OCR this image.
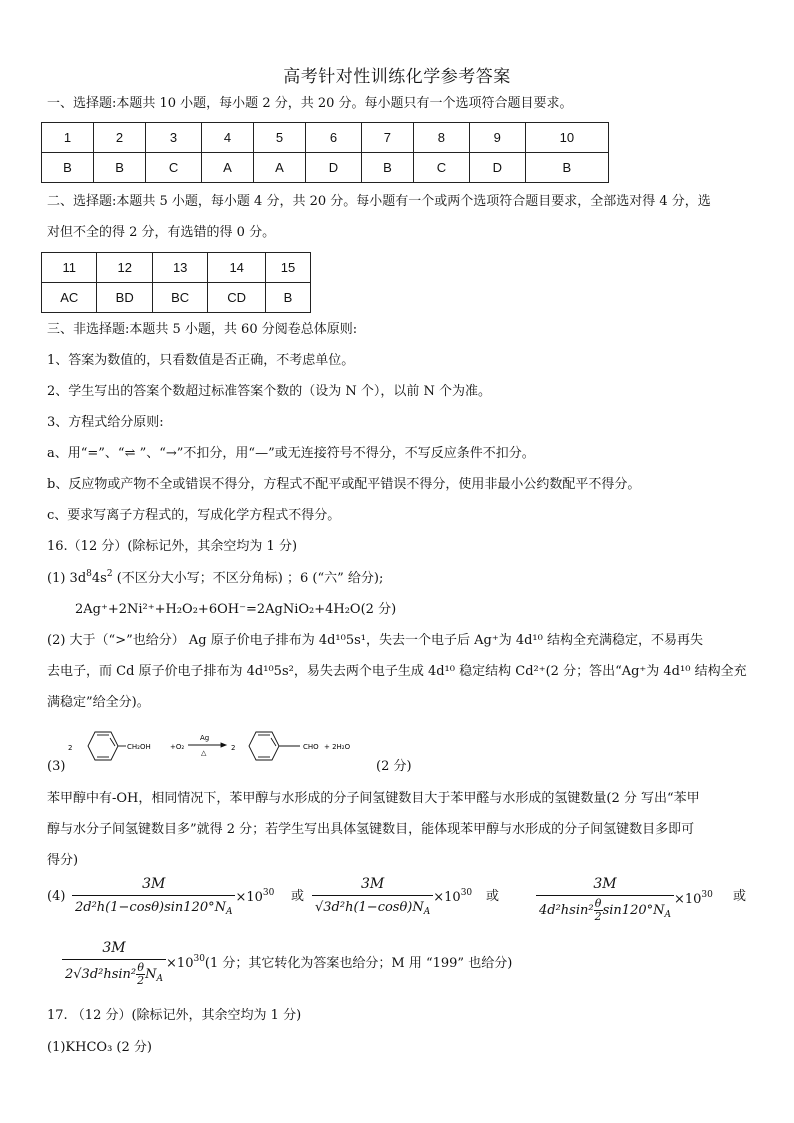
高考针对性训练化学参考答案
一、选择题:本题共 10 小题，每小题 2 分，共 20 分。每小题只有一个选项符合题目要求。
1	2	3	4	5	6	7	8	9	10
B	B	C	A	A	D	B	C	D	B
二、选择题:本题共 5 小题，每小题 4 分，共 20 分。每小题有一个或两个选项符合题目要求，全部选对得 4 分，选
对但不全的得 2 分，有选错的得 0 分。
11	12	13	14	15
AC	BD	BC	CD	B
三、非选择题:本题共 5 小题，共 60 分阅卷总体原则:
1、答案为数值的，只看数值是否正确，不考虑单位。
2、学生写出的答案个数超过标准答案个数的（设为 N 个），以前 N 个为准。
3、方程式给分原则:
a、用“=”、“⇌ ”、“→”不扣分，用“—”或无连接符号不得分，不写反应条件不扣分。
b、反应物或产物不全或错误不得分，方程式不配平或配平错误不得分，使用非最小公约数配平不得分。
c、要求写离子方程式的，写成化学方程式不得分。
16.（12 分）(除标记外，其余空均为 1 分)
(1) $3d^84s^2$ (不区分大小写；不区分角标) ；6 (“六” 给分);
2Ag⁺+2Ni²⁺+H₂O₂+6OH⁻=2AgNiO₂+4H₂O(2 分)
(2) 大于（“>”也给分） Ag 原子价电子排布为 4d¹⁰5s¹，失去一个电子后 Ag⁺为 4d¹⁰ 结构全充满稳定，不易再失
去电子，而 Cd 原子价电子排布为 4d¹⁰5s²，易失去两个电子生成 4d¹⁰ 稳定结构 Cd²⁺(2 分；答出“Ag⁺为 4d¹⁰ 结构全充
满稳定”给全分)。
2	CH₂OH	+O₂
Ag
△
2	CHO + 2H₂O
(3)	(2 分)
苯甲醇中有-OH，相同情况下，苯甲醇与水形成的分子间氢键数目大于苯甲醛与水形成的氢键数量(2 分 写出“苯甲
醇与水分子间氢键数目多”就得 2 分；若学生写出具体氢键数目，能体现苯甲醇与水形成的分子间氢键数目多即可
得分)
$(4) \frac{3M}{2d^2h(1-\cos\theta)\sin 120^\circ N_A} \times 10^{30}$ 或 $\frac{3M}{√3d^2h(1-\cos\theta)N_A} \times 10^{30}$ 或	$\frac{3M}{4d^2hsin^2 \frac{\theta}{2} \sin 120^\circ N_A} \times 10^{30}$ 或
$\frac{3M}{2√3d^2hsin^2 \frac{\theta}{2} N_A} \times 10^{30}(1$ 分；其它转化为答案也给分；M 用 “199” 也给分)
17. （12 分）(除标记外，其余空均为 1 分)
(1)KHCO₃ (2 分)
